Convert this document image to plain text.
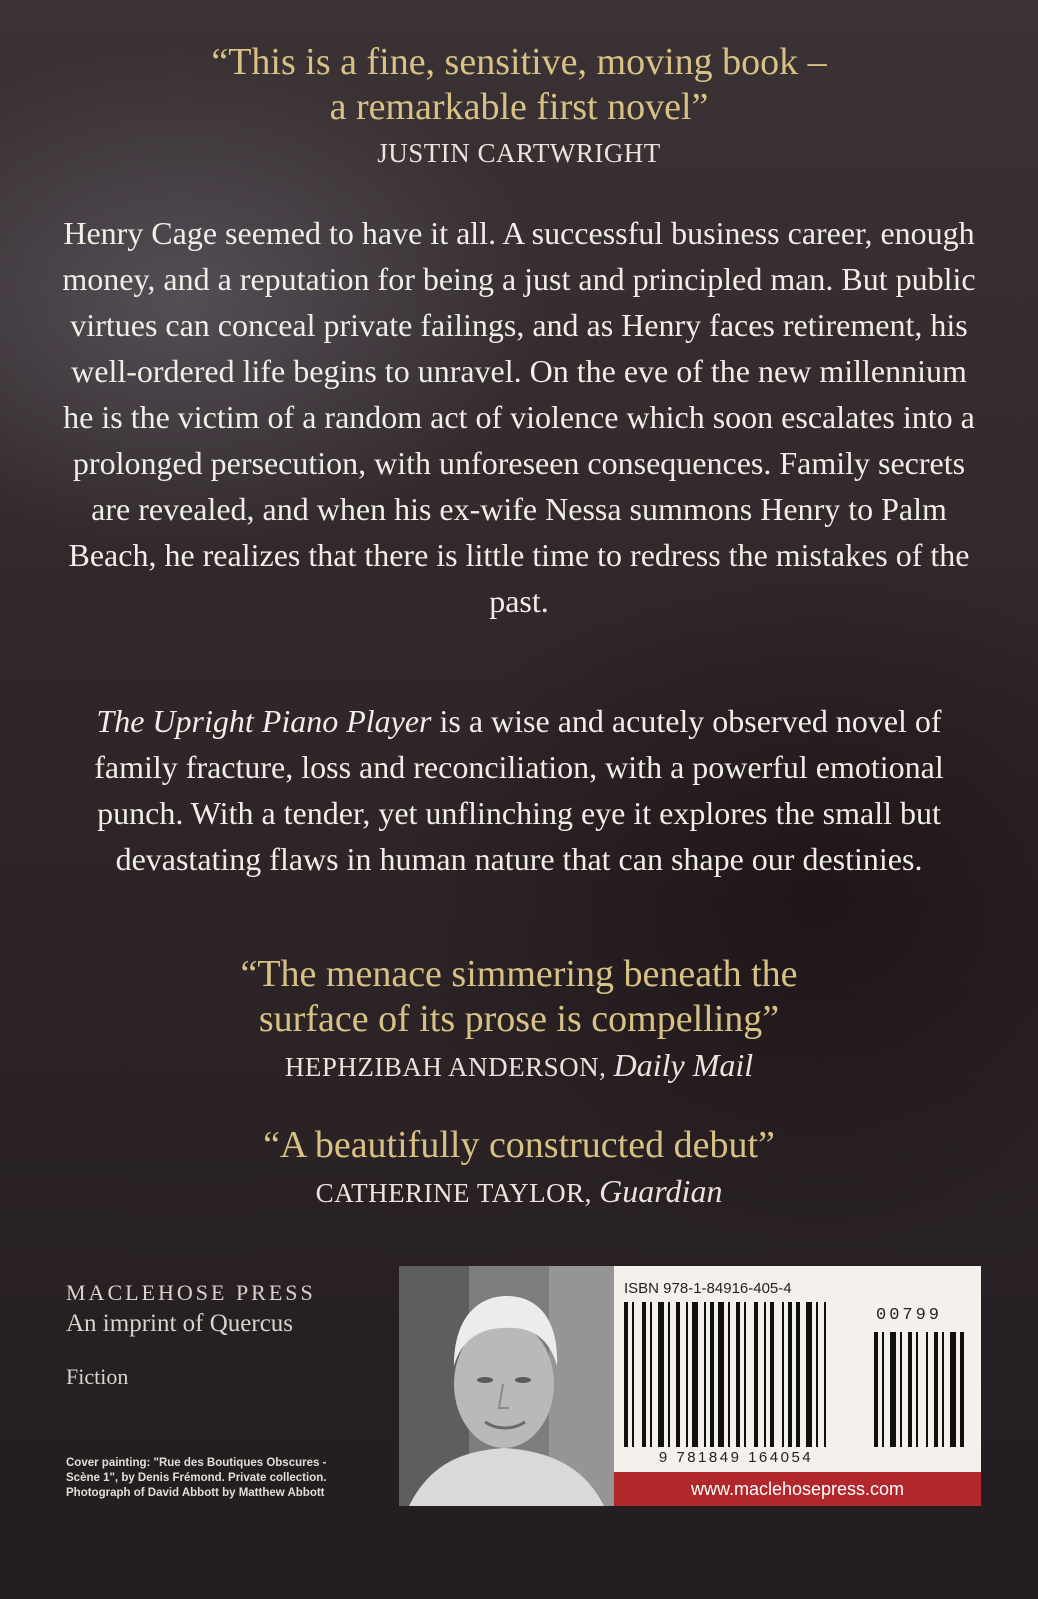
“This is a fine, sensitive, moving book –
a remarkable first novel”
JUSTIN CARTWRIGHT
Henry Cage seemed to have it all. A successful business career, enough money, and a reputation for being a just and principled man. But public virtues can conceal private failings, and as Henry faces retirement, his well-ordered life begins to unravel. On the eve of the new millennium he is the victim of a random act of violence which soon escalates into a prolonged persecution, with unforeseen consequences. Family secrets are revealed, and when his ex-wife Nessa summons Henry to Palm Beach, he realizes that there is little time to redress the mistakes of the past.
The Upright Piano Player is a wise and acutely observed novel of family fracture, loss and reconciliation, with a powerful emotional punch. With a tender, yet unflinching eye it explores the small but devastating flaws in human nature that can shape our destinies.
“The menace simmering beneath the
surface of its prose is compelling”
HEPHZIBAH ANDERSON, Daily Mail
“A beautifully constructed debut”
CATHERINE TAYLOR, Guardian
MACLEHOSE PRESS
An imprint of Quercus
Fiction
Cover painting: "Rue des Boutiques Obscures -
Scène 1", by Denis Frémond. Private collection.
Photograph of David Abbott by Matthew Abbott
ISBN 978-1-84916-405-4
00799
9 781849 164054
www.maclehosepress.com
